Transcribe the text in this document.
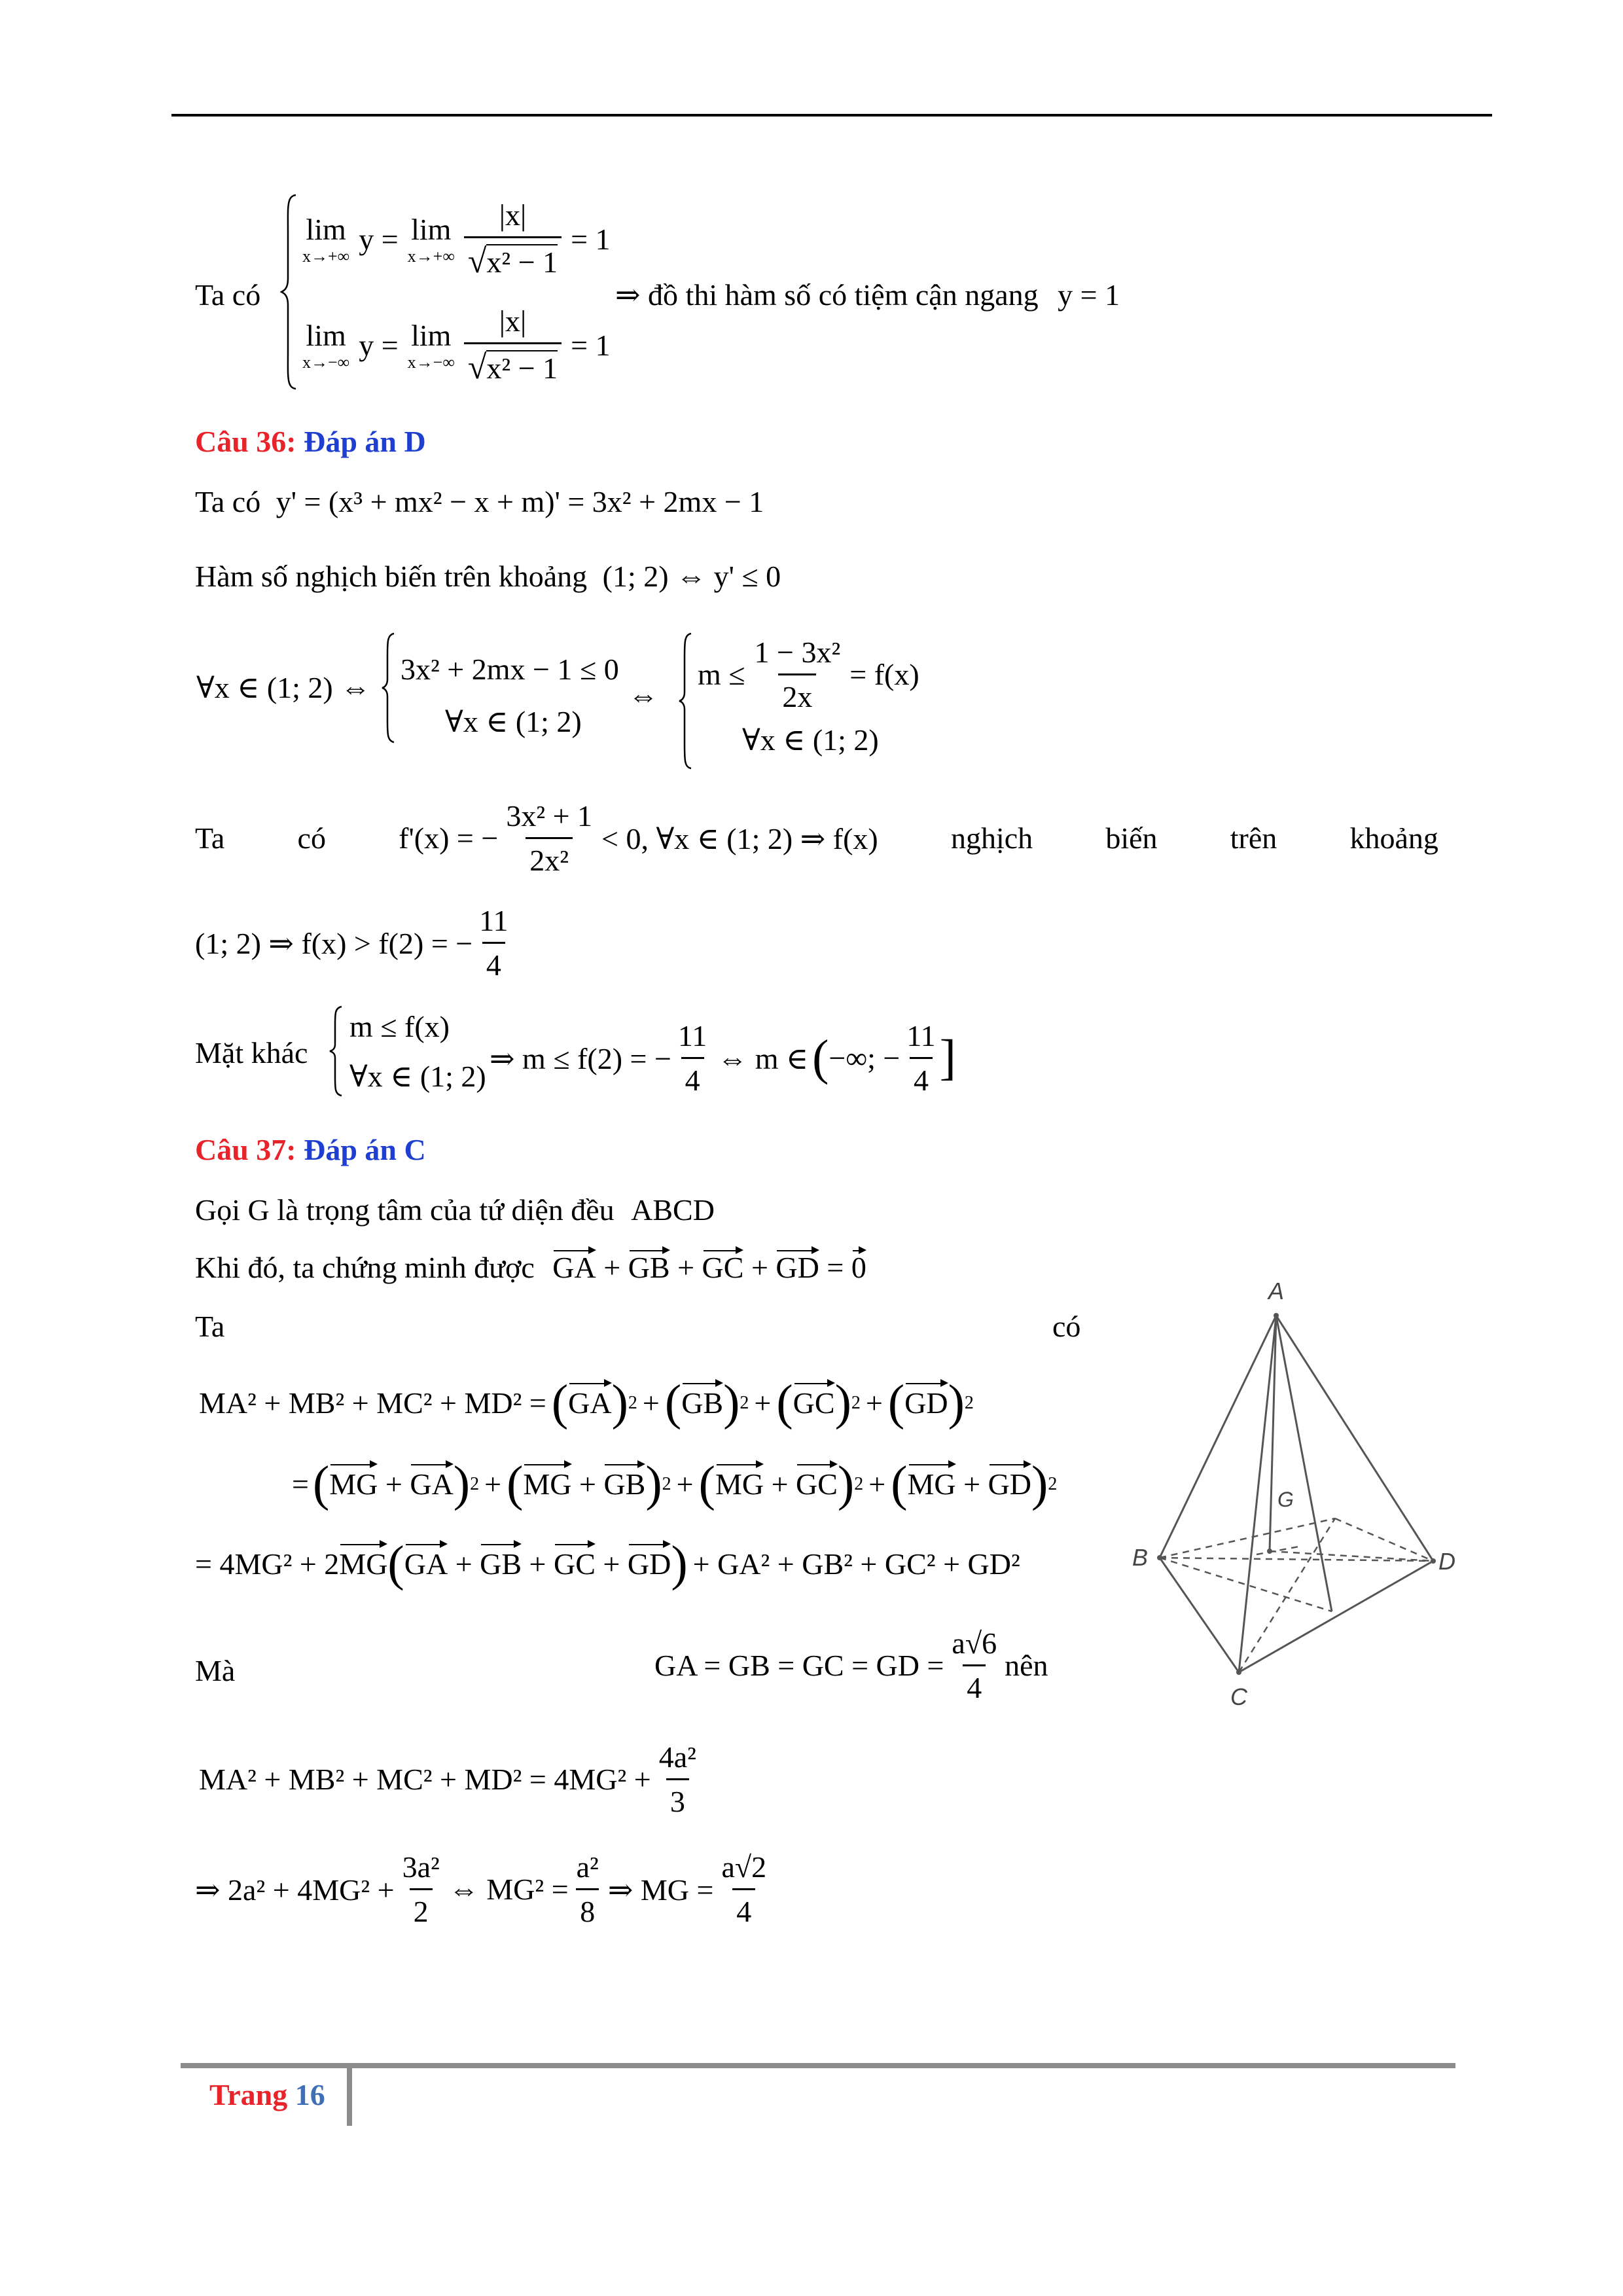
Ta có
lim
x→+∞
y = lim
$x\to+\infty \frac{|x|}{\text{√x² − 1}} = 1$
lim
x→−∞
y = lim
$x\to-\infty \frac{|x|}{\text{√x² − 1}} = 1$
⇒ đồ thi hàm số có tiệm cận ngang y = 1
Câu 36: Đáp án D
Ta có y' = (x³ + mx² − x + m)' = 3x² + 2mx − 1
Hàm số nghịch biến trên khoảng (1; 2) ⇔ y' ≤ 0
∀x ∈ (1; 2) ⇔
3x² + 2mx − 1 ≤ 0
∀x ∈ (1; 2)
⇔
$m \le \frac{\text{1 − 3x²}}{2x} = f(x)$
∀x ∈ (1; 2)
Ta có f'(x) = − $\frac{\text{3x² + 1}}{\text{2x²}} < 0$, ∀x ∈ (1; 2) ⇒ f(x) nghịch biến trên khoảng
(1; 2) ⇒ f(x) > f(2) = − $\frac{11}{4}$
Mặt khác
m ≤ f(x)
∀x ∈ (1; 2)
⇒ m ≤ f(2) = − $\frac{11}{4}$ ⇔ m ∈ ( −∞; − $\frac{11}{4}$ ]
Câu 37: Đáp án C
Gọi G là trọng tâm của tứ diện đều ABCD
Khi đó, ta chứng minh được GA + GB + GC + GD = 0
Ta	có
MA² + MB² + MC² + MD² = ( GA ) 2 + ( GB ) 2 + ( GC ) 2 + ( GD ) 2
= ( MG + GA ) 2 + ( MG + GB ) 2 + ( MG + GC ) 2 + ( MG + GD ) 2
= 4MG² + 2 MG ( GA + GB + GC + GD ) + GA² + GB² + GC² + GD²
Mà	GA = GB = GC = GD = $\frac{a√6}{4}$ nên
$MA^2 + MB^2 + MC^2 + MD^2 = 4MG^2 + \frac{\text{4a²}}{3}$
⇒ $2a^2 + 4MG^2 + \frac{\text{3a²}}{2}$ ⇔ $MG^2 = \frac{\text{a²}}{8}$ ⇒ MG = $\frac{a√2}{4}$
A
B	D
C
G
Trang 16
